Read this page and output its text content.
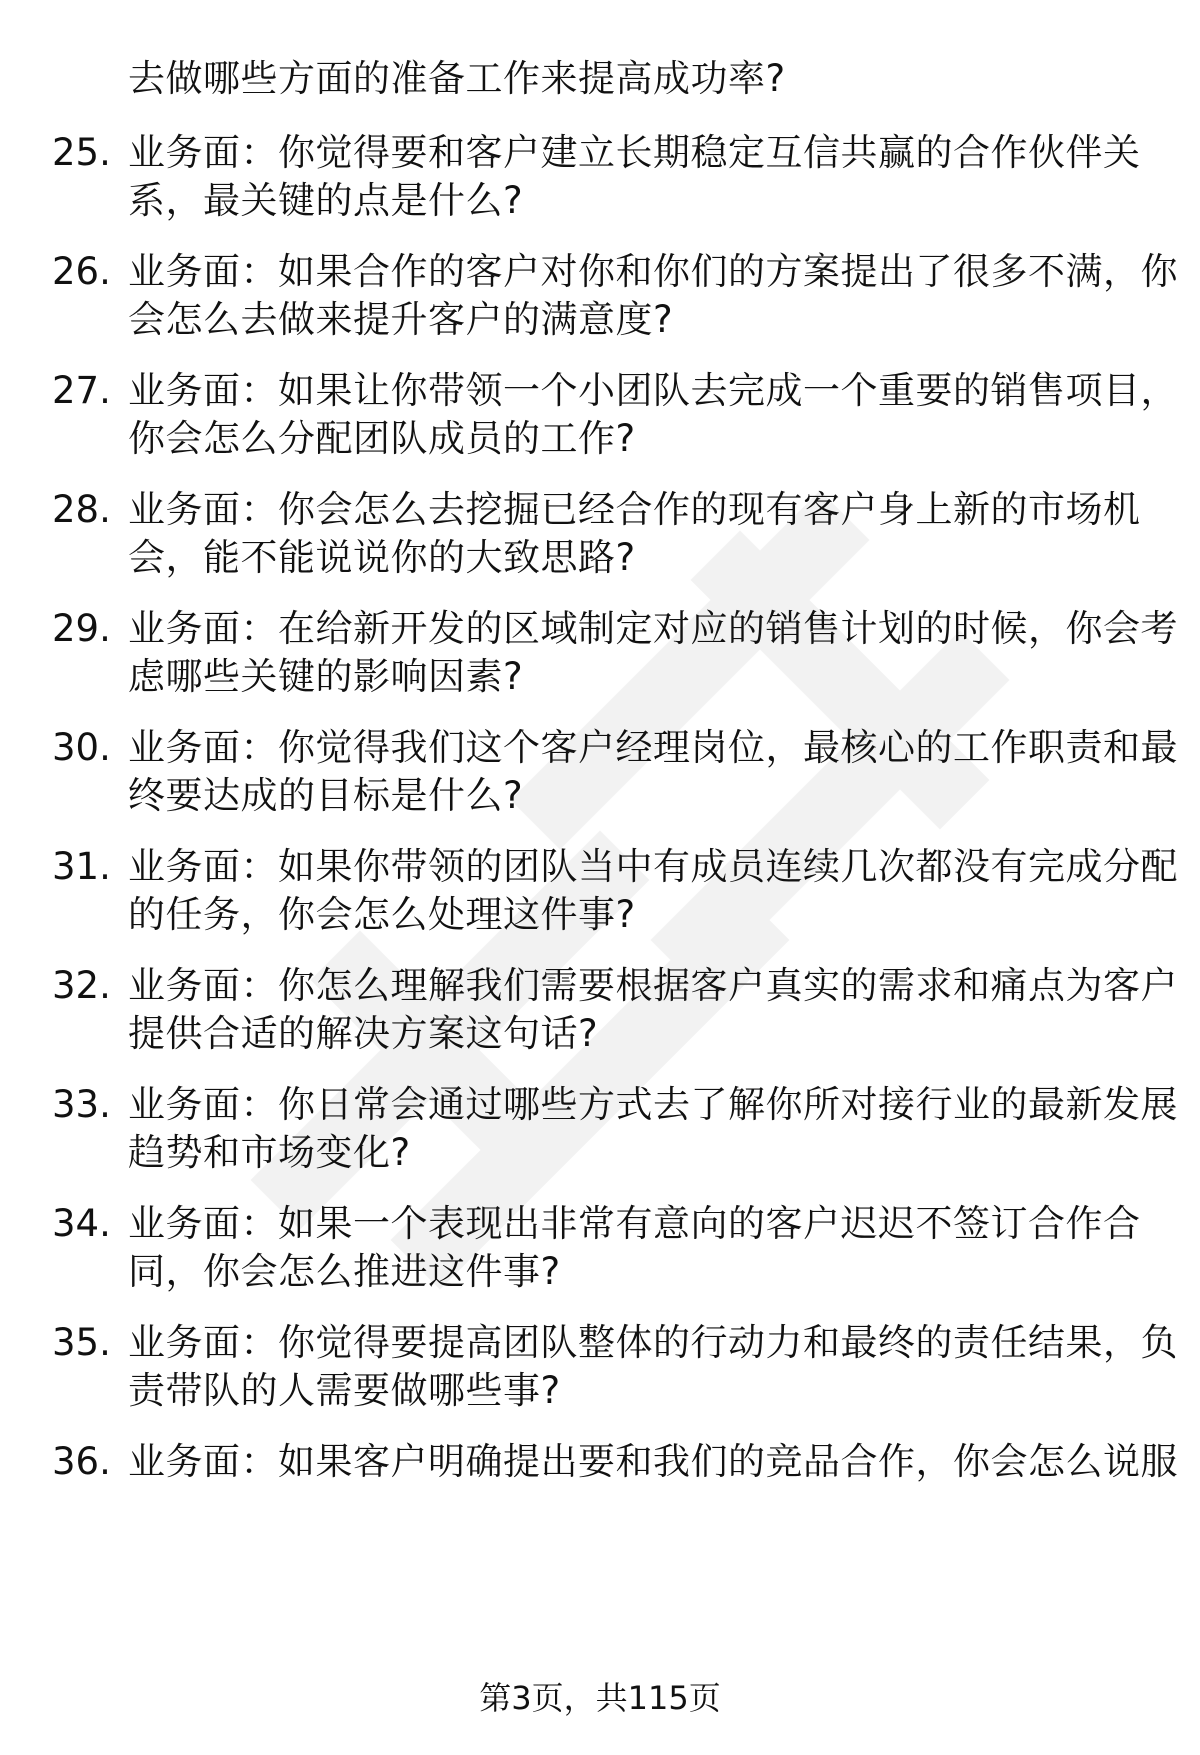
去做哪些方面的准备工作来提高成功率?
25. 业务面：你觉得要和客户建立长期稳定互信共赢的合作伙伴关
系，最关键的点是什么?
26. 业务面：如果合作的客户对你和你们的方案提出了很多不满，你
会怎么去做来提升客户的满意度?
27. 业务面：如果让你带领一个小团队去完成一个重要的销售项目，
你会怎么分配团队成员的工作?
28. 业务面：你会怎么去挖掘已经合作的现有客户身上新的市场机
会，能不能说说你的大致思路?
29. 业务面：在给新开发的区域制定对应的销售计划的时候，你会考
虑哪些关键的影响因素?
30. 业务面：你觉得我们这个客户经理岗位，最核心的工作职责和最
终要达成的目标是什么?
31. 业务面：如果你带领的团队当中有成员连续几次都没有完成分配
的任务，你会怎么处理这件事?
32. 业务面：你怎么理解我们需要根据客户真实的需求和痛点为客户
提供合适的解决方案这句话?
33. 业务面：你日常会通过哪些方式去了解你所对接行业的最新发展
趋势和市场变化?
34. 业务面：如果一个表现出非常有意向的客户迟迟不签订合作合
同，你会怎么推进这件事?
35. 业务面：你觉得要提高团队整体的行动力和最终的责任结果，负
责带队的人需要做哪些事?
36. 业务面：如果客户明确提出要和我们的竞品合作，你会怎么说服
第3页，共115页
